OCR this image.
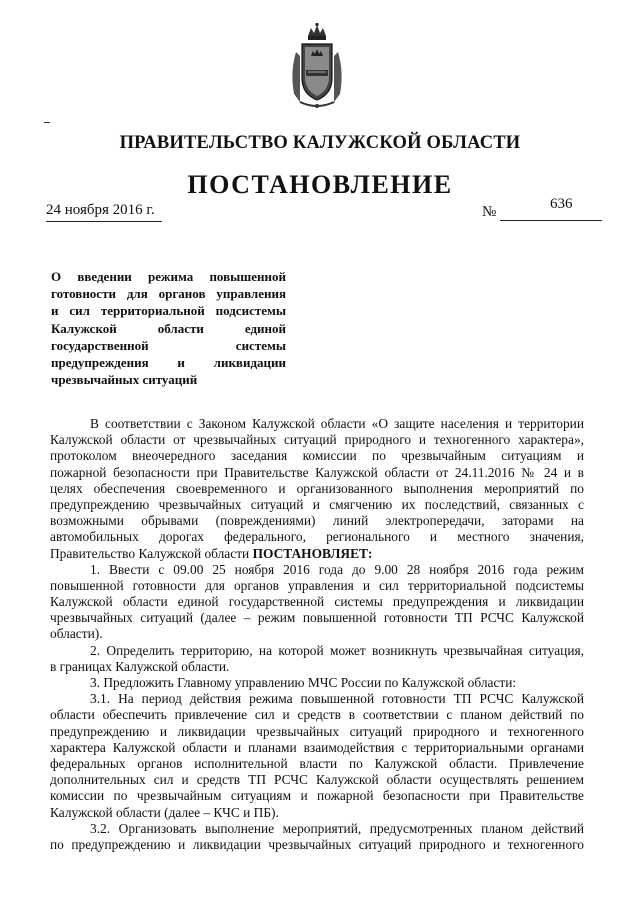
ПРАВИТЕЛЬСТВО КАЛУЖСКОЙ ОБЛАСТИ
ПОСТАНОВЛЕНИЕ
24 ноября 2016 г.	№	636
О введении режима повышенной
готовности для органов управления
и сил территориальной подсистемы
Калужской области единой
государственной системы
предупреждения и ликвидации
чрезвычайных ситуаций
В соответствии с Законом Калужской области «О защите населения и территории
Калужской области от чрезвычайных ситуаций природного и техногенного характера»,
протоколом внеочередного заседания комиссии по чрезвычайным ситуациям и
пожарной безопасности при Правительстве Калужской области от 24.11.2016 № 24 и в
целях обеспечения своевременного и организованного выполнения мероприятий по
предупреждению чрезвычайных ситуаций и смягчению их последствий, связанных с
возможными обрывами (повреждениями) линий электропередачи, заторами на
автомобильных дорогах федерального, регионального и местного значения,
Правительство Калужской области ПОСТАНОВЛЯЕТ:
1. Ввести с 09.00 25 ноября 2016 года до 9.00 28 ноября 2016 года режим
повышенной готовности для органов управления и сил территориальной подсистемы
Калужской области единой государственной системы предупреждения и ликвидации
чрезвычайных ситуаций (далее – режим повышенной готовности ТП РСЧС Калужской
области).
2. Определить территорию, на которой может возникнуть чрезвычайная ситуация,
в границах Калужской области.
3. Предложить Главному управлению МЧС России по Калужской области:
3.1. На период действия режима повышенной готовности ТП РСЧС Калужской
области обеспечить привлечение сил и средств в соответствии с планом действий по
предупреждению и ликвидации чрезвычайных ситуаций природного и техногенного
характера Калужской области и планами взаимодействия с территориальными органами
федеральных органов исполнительной власти по Калужской области. Привлечение
дополнительных сил и средств ТП РСЧС Калужской области осуществлять решением
комиссии по чрезвычайным ситуациям и пожарной безопасности при Правительстве
Калужской области (далее – КЧС и ПБ).
3.2. Организовать выполнение мероприятий, предусмотренных планом действий
по предупреждению и ликвидации чрезвычайных ситуаций природного и техногенного
